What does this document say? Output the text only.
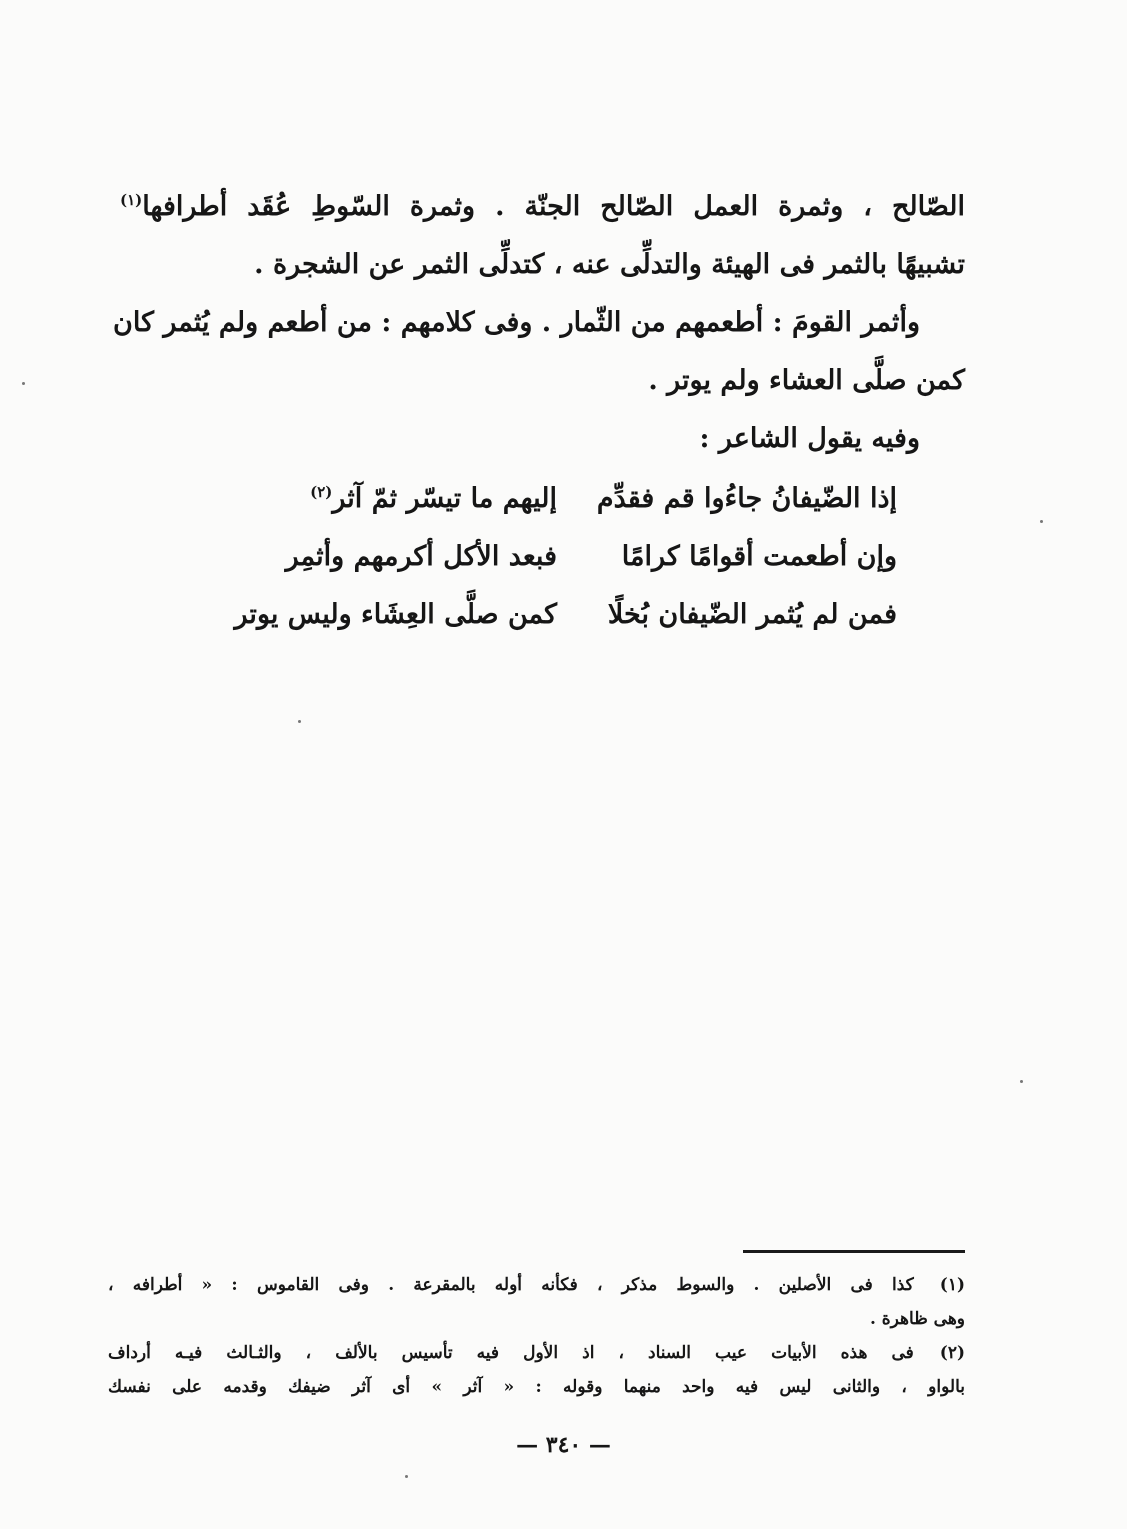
الصّالح ، وثمرة العمل الصّالح الجنّة . وثمرة السّوطِ عُقَد أطرافها$^{(١)}$
تشبيهًا بالثمر فى الهيئة والتدلِّى عنه ، كتدلِّى الثمر عن الشجرة .
وأثمر القومَ : أطعمهم من الثّمار . وفى كلامهم : من أطعم ولم يُثمر كان
كمن صلَّى العشاء ولم يوتر .
وفيه يقول الشاعر :
إذا الضّيفانُ جاءُوا قم فقدِّم
إليهم ما تيسّر ثمّ آثر$^{(٢)}$
وإن أطعمت أقوامًا كرامًا
فبعد الأكل أكرمهم وأثمِر
فمن لم يُثمر الضّيفان بُخلًا
كمن صلَّى العِشَاء وليس يوتر
(١)كذا فى الأصلين . والسوط مذكر ، فكأنه أوله بالمقرعة . وفى القاموس : « أطرافه ،
وهى ظاهرة .
(٢)فى هذه الأبيات عيب السناد ، اذ الأول فيه تأسيس بالألف ، والثـالث فيـه أرداف
بالواو ، والثانى ليس فيه واحد منهما وقوله : « آثر » أى آثر ضيفك وقدمه على نفسك
— ٣٤٠ —
